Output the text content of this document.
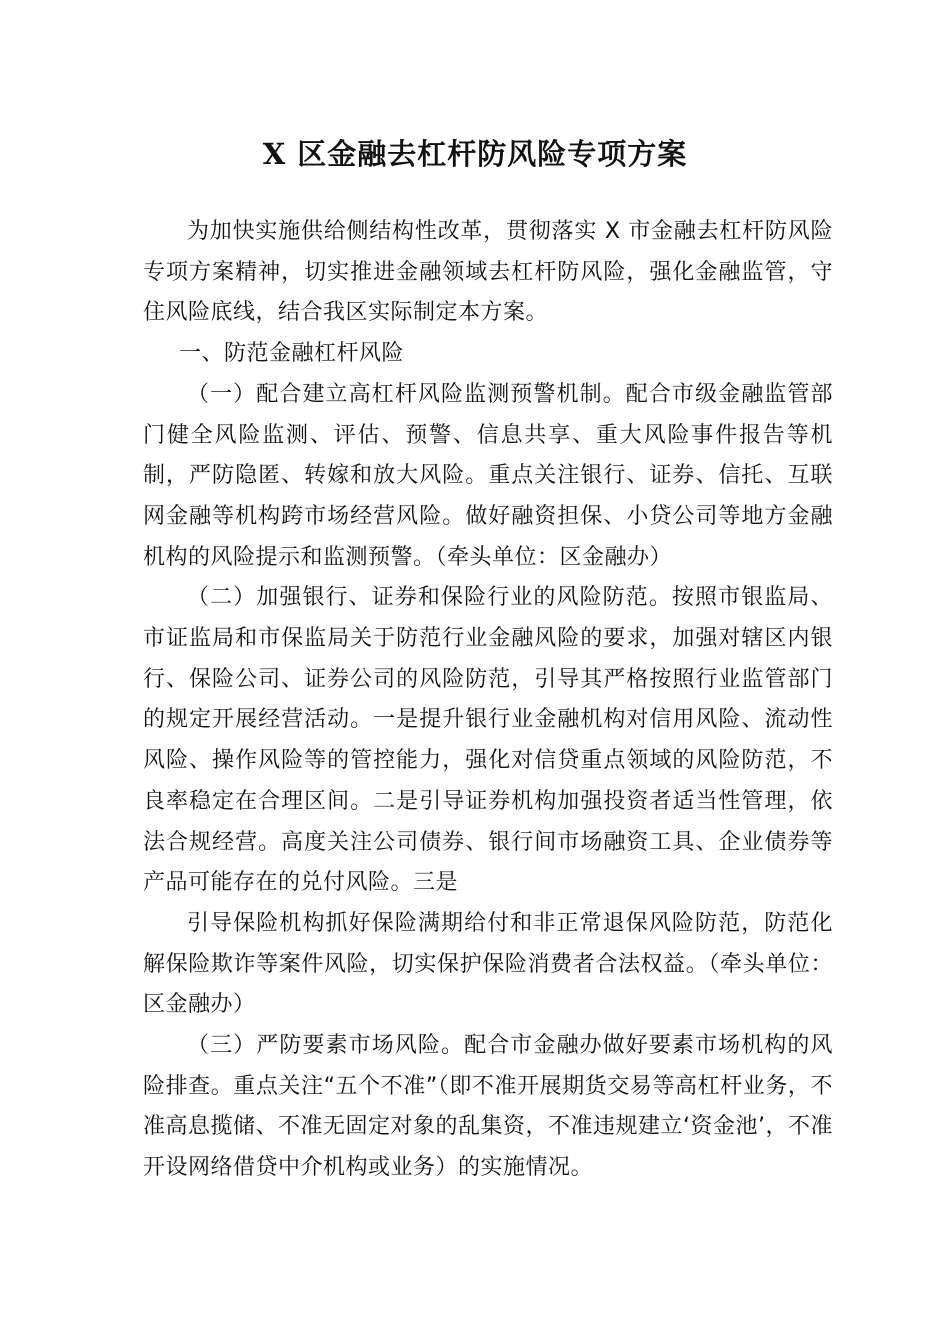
X 区金融去杠杆防风险专项方案

为加快实施供给侧结构性改革，贯彻落实 X 市金融去杠杆防风险专项方案精神，切实推进金融领域去杠杆防风险，强化金融监管，守住风险底线，结合我区实际制定本方案。

一、防范金融杠杆风险

（一）配合建立高杠杆风险监测预警机制。配合市级金融监管部门健全风险监测、评估、预警、信息共享、重大风险事件报告等机制，严防隐匿、转嫁和放大风险。重点关注银行、证券、信托、互联网金融等机构跨市场经营风险。做好融资担保、小贷公司等地方金融机构的风险提示和监测预警。（牵头单位：区金融办）

（二）加强银行、证券和保险行业的风险防范。按照市银监局、市证监局和市保监局关于防范行业金融风险的要求，加强对辖区内银行、保险公司、证券公司的风险防范，引导其严格按照行业监管部门的规定开展经营活动。一是提升银行业金融机构对信用风险、流动性风险、操作风险等的管控能力，强化对信贷重点领域的风险防范，不良率稳定在合理区间。二是引导证券机构加强投资者适当性管理，依法合规经营。高度关注公司债券、银行间市场融资工具、企业债券等产品可能存在的兑付风险。三是

引导保险机构抓好保险满期给付和非正常退保风险防范，防范化解保险欺诈等案件风险，切实保护保险消费者合法权益。（牵头单位：区金融办）

（三）严防要素市场风险。配合市金融办做好要素市场机构的风险排查。重点关注“五个不准”（即不准开展期货交易等高杠杆业务，不准高息揽储、不准无固定对象的乱集资，不准违规建立‘资金池’，不准开设网络借贷中介机构或业务）的实施情况。
